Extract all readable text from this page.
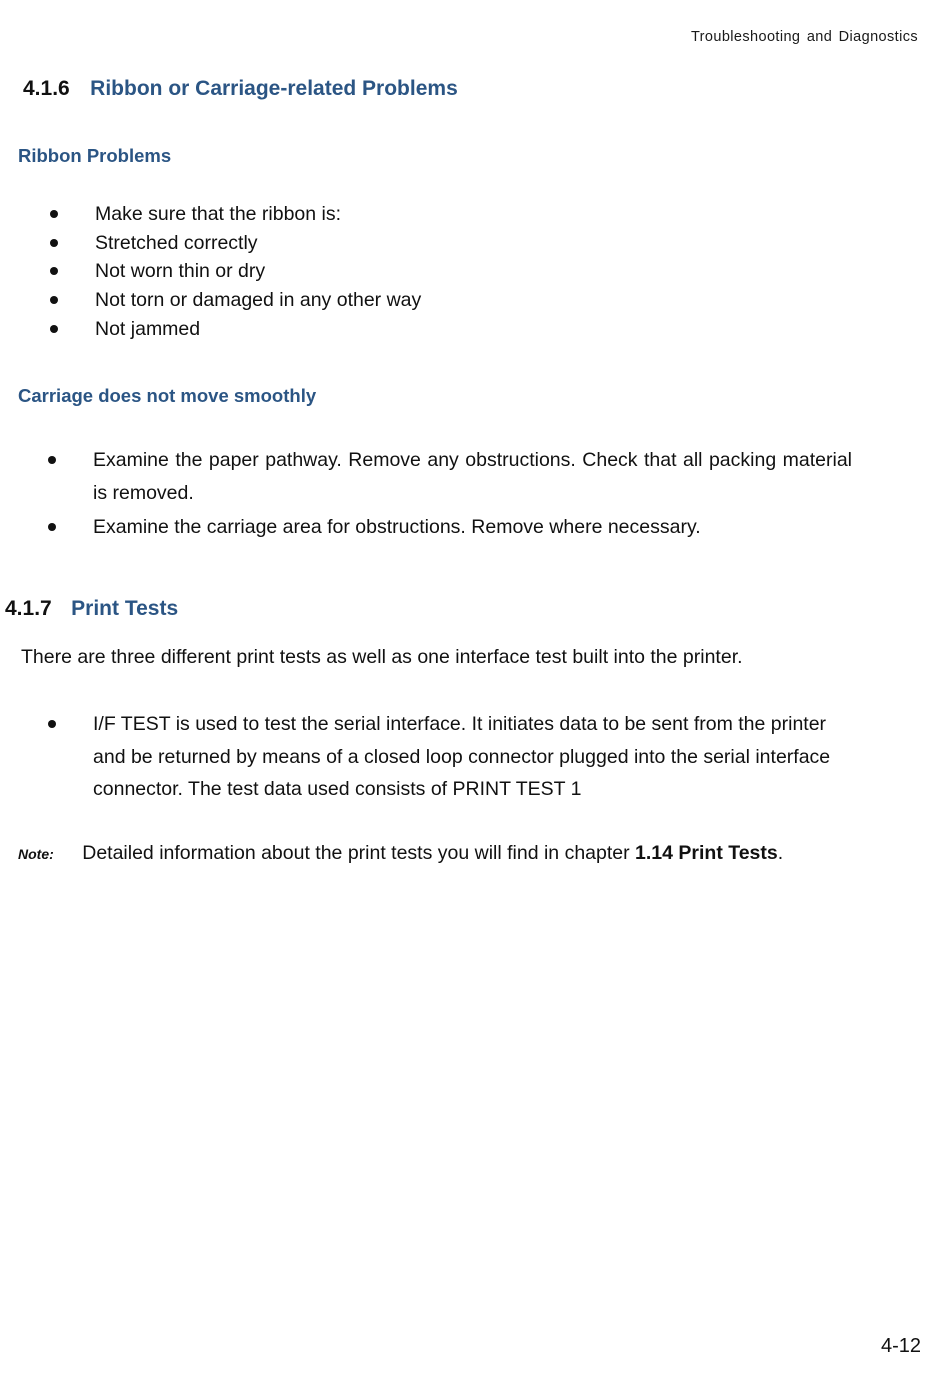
Troubleshooting and Diagnostics
4.1.6 Ribbon or Carriage-related Problems
Ribbon Problems
Make sure that the ribbon is:
Stretched correctly
Not worn thin or dry
Not torn or damaged in any other way
Not jammed
Carriage does not move smoothly
Examine the paper pathway. Remove any obstructions. Check that all packing material is removed.
Examine the carriage area for obstructions. Remove where necessary.
4.1.7 Print Tests
There are three different print tests as well as one interface test built into the printer.
I/F TEST is used to test the serial interface. It initiates data to be sent from the printer and be returned by means of a closed loop connector plugged into the serial interface connector. The test data used consists of PRINT TEST 1
Note: Detailed information about the print tests you will find in chapter 1.14 Print Tests.
4-12
